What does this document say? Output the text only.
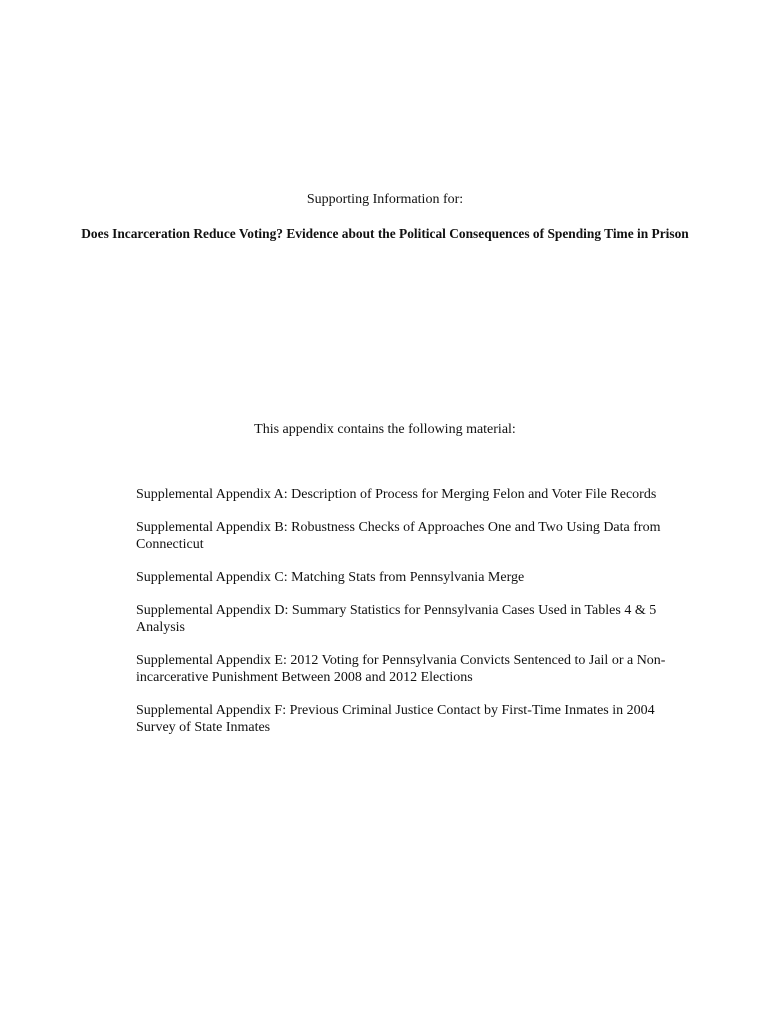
Supporting Information for:
Does Incarceration Reduce Voting? Evidence about the Political Consequences of Spending Time in Prison
This appendix contains the following material:
Supplemental Appendix A: Description of Process for Merging Felon and Voter File Records
Supplemental Appendix B: Robustness Checks of Approaches One and Two Using Data from Connecticut
Supplemental Appendix C: Matching Stats from Pennsylvania Merge
Supplemental Appendix D: Summary Statistics for Pennsylvania Cases Used in Tables 4 & 5 Analysis
Supplemental Appendix E: 2012 Voting for Pennsylvania Convicts Sentenced to Jail or a Non-incarcerative Punishment Between 2008 and 2012 Elections
Supplemental Appendix F: Previous Criminal Justice Contact by First-Time Inmates in 2004 Survey of State Inmates
